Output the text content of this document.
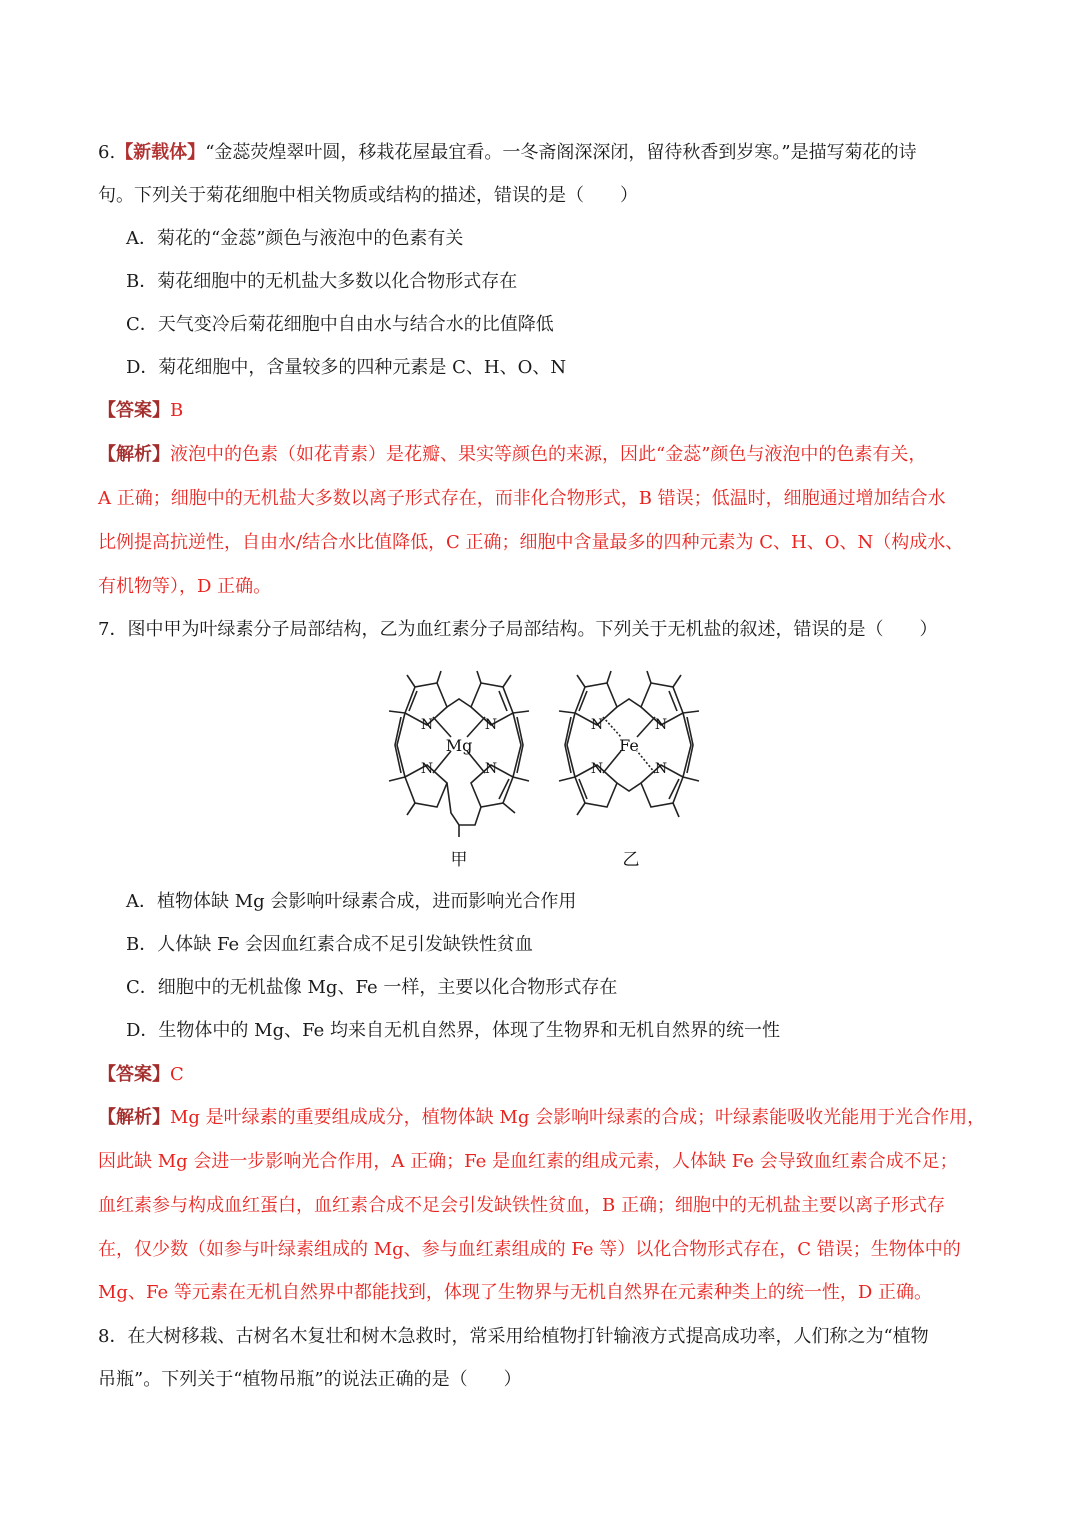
6.【新载体】“金蕊荧煌翠叶圆，移栽花屋最宜看。一冬斋阁深深闭，留待秋香到岁寒。”是描写菊花的诗
句。下列关于菊花细胞中相关物质或结构的描述，错误的是（　　）
A．菊花的“金蕊”颜色与液泡中的色素有关
B．菊花细胞中的无机盐大多数以化合物形式存在
C．天气变冷后菊花细胞中自由水与结合水的比值降低
D．菊花细胞中，含量较多的四种元素是 C、H、O、N
【答案】B
【解析】液泡中的色素（如花青素）是花瓣、果实等颜色的来源，因此“金蕊”颜色与液泡中的色素有关，
A 正确；细胞中的无机盐大多数以离子形式存在，而非化合物形式，B 错误；低温时，细胞通过增加结合水
比例提高抗逆性，自由水/结合水比值降低，C 正确；细胞中含量最多的四种元素为 C、H、O、N（构成水、
有机物等），D 正确。
7．图中甲为叶绿素分子局部结构，乙为血红素分子局部结构。下列关于无机盐的叙述，错误的是（　　）
N	N
N	N
Mg
N	N
N	N
Fe
甲	乙
A．植物体缺 Mg 会影响叶绿素合成，进而影响光合作用
B．人体缺 Fe 会因血红素合成不足引发缺铁性贫血
C．细胞中的无机盐像 Mg、Fe 一样，主要以化合物形式存在
D．生物体中的 Mg、Fe 均来自无机自然界，体现了生物界和无机自然界的统一性
【答案】C
【解析】Mg 是叶绿素的重要组成成分，植物体缺 Mg 会影响叶绿素的合成；叶绿素能吸收光能用于光合作用，
因此缺 Mg 会进一步影响光合作用，A 正确；Fe 是血红素的组成元素，人体缺 Fe 会导致血红素合成不足；
血红素参与构成血红蛋白，血红素合成不足会引发缺铁性贫血，B 正确；细胞中的无机盐主要以离子形式存
在，仅少数（如参与叶绿素组成的 Mg、参与血红素组成的 Fe 等）以化合物形式存在，C 错误；生物体中的
Mg、Fe 等元素在无机自然界中都能找到，体现了生物界与无机自然界在元素种类上的统一性，D 正确。
8．在大树移栽、古树名木复壮和树木急救时，常采用给植物打针输液方式提高成功率，人们称之为“植物
吊瓶”。下列关于“植物吊瓶”的说法正确的是（　　）
